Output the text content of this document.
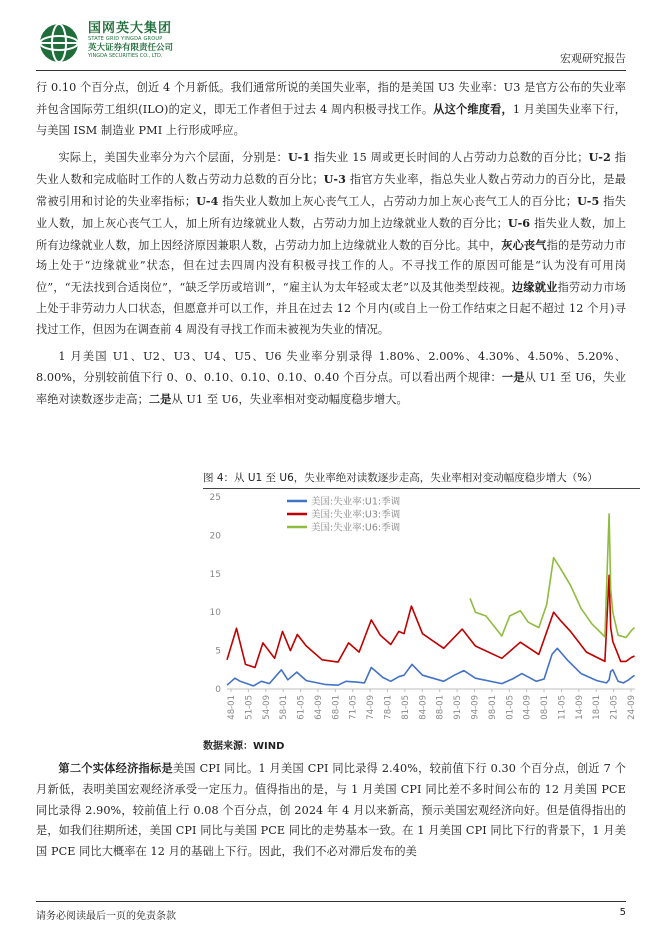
国网英大集团
STATE GRID YINGDA GROUP
英大证券有限责任公司
YINGDA SECURITIES CO., LTD.	宏观研究报告

行 0.10 个百分点，创近 4 个月新低。我们通常所说的美国失业率，指的是美国 U3 失业率：U3 是官方公布的失业率并包含国际劳工组织(ILO)的定义，即无工作者但于过去 4 周内积极寻找工作。从这个维度看，1 月美国失业率下行，与美国 ISM 制造业 PMI 上行形成呼应。

实际上，美国失业率分为六个层面，分别是：U-1 指失业 15 周或更长时间的人占劳动力总数的百分比；U-2 指失业人数和完成临时工作的人数占劳动力总数的百分比；U-3 指官方失业率，指总失业人数占劳动力的百分比，是最常被引用和讨论的失业率指标；U-4 指失业人数加上灰心丧气工人，占劳动力加上灰心丧气工人的百分比；U-5 指失业人数，加上灰心丧气工人，加上所有边缘就业人数，占劳动力加上边缘就业人数的百分比；U-6 指失业人数，加上所有边缘就业人数，加上因经济原因兼职人数，占劳动力加上边缘就业人数的百分比。其中，灰心丧气指的是劳动力市场上处于“边缘就业”状态，但在过去四周内没有积极寻找工作的人。不寻找工作的原因可能是“认为没有可用岗位”，“无法找到合适岗位”，“缺乏学历或培训”，“雇主认为太年轻或太老”以及其他类型歧视。边缘就业指劳动力市场上处于非劳动力人口状态，但愿意并可以工作，并且在过去 12 个月内(或自上一份工作结束之日起不超过 12 个月)寻找过工作，但因为在调查前 4 周没有寻找工作而未被视为失业的情况。

1 月美国 U1、U2、U3、U4、U5、U6 失业率分别录得 1.80%、2.00%、4.30%、4.50%、5.20%、8.00%，分别较前值下行 0、0、0.10、0.10、0.10、0.40 个百分点。可以看出两个规律：一是从 U1 至 U6，失业率绝对读数逐步走高；二是从 U1 至 U6，失业率相对变动幅度稳步增大。

图 4：从 U1 至 U6，失业率绝对读数逐步走高，失业率相对变动幅度稳步增大（%）
0
5
10
15
20
25
48-01 51-05 54-09 58-01 61-05 64-09 68-01 71-05 74-09 78-01 81-05 84-09 88-01 91-05 94-09 98-01 01-05 04-09 08-01 11-05 14-09 18-01 21-05 24-09
美国:失业率:U1:季调
美国:失业率:U3:季调
美国:失业率:U6:季调
数据来源：WIND

第二个实体经济指标是美国 CPI 同比。1 月美国 CPI 同比录得 2.40%，较前值下行 0.30 个百分点，创近 7 个月新低，表明美国宏观经济承受一定压力。值得指出的是，与 1 月美国 CPI 同比差不多时间公布的 12 月美国 PCE 同比录得 2.90%，较前值上行 0.08 个百分点，创 2024 年 4 月以来新高，预示美国宏观经济向好。但是值得指出的是，如我们往期所述，美国 CPI 同比与美国 PCE 同比的走势基本一致。在 1 月美国 CPI 同比下行的背景下，1 月美国 PCE 同比大概率在 12 月的基础上下行。因此，我们不必对滞后发布的美

请务必阅读最后一页的免责条款	5
